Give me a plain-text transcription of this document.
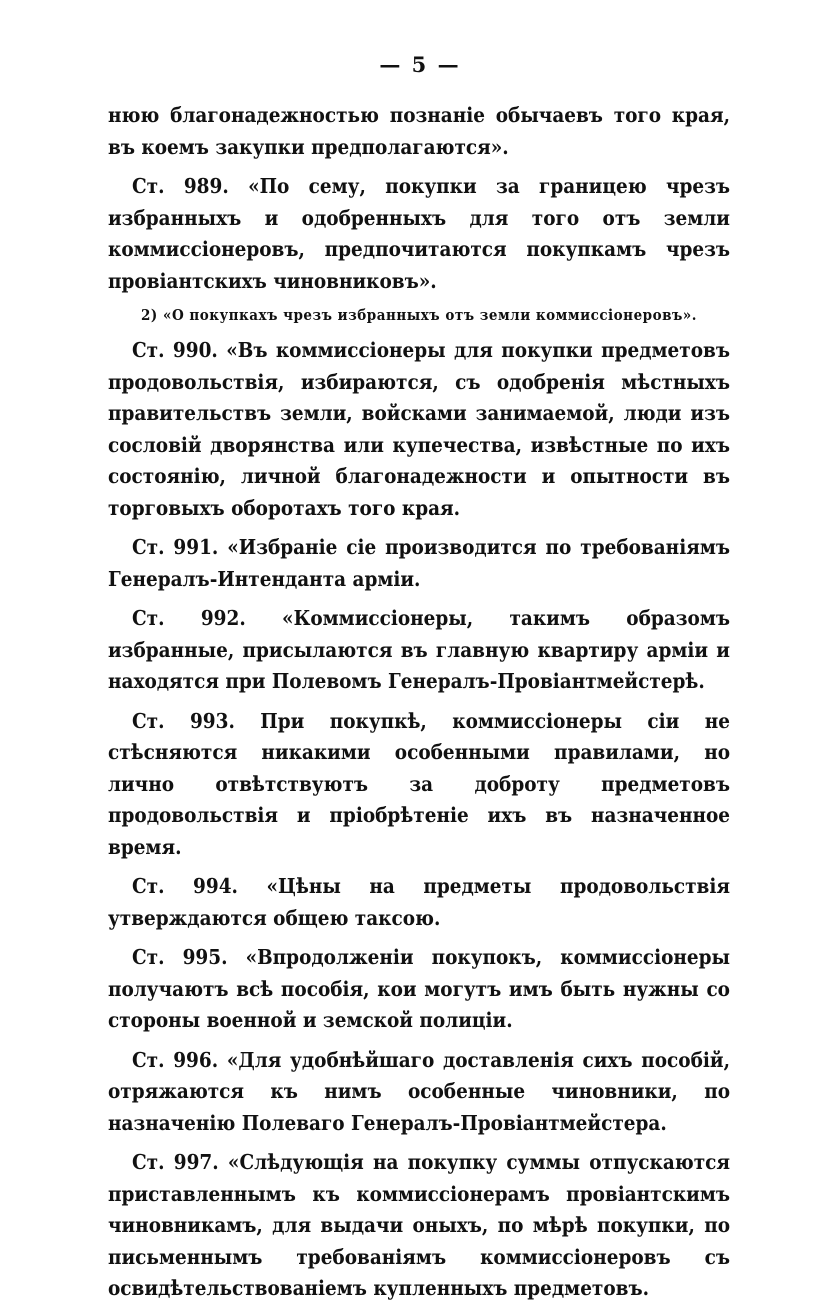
— 5 —

нюю благонадежностью познаніе обычаевъ того края, въ коемъ закупки предполагаются».

Ст. 989. «По сему, покупки за границею чрезъ избранныхъ и одобренныхъ для того отъ земли коммиссіонеровъ, предпочитаются покупкамъ чрезъ провіантскихъ чиновниковъ».

2) «О покупкахъ чрезъ избранныхъ отъ земли коммиссіонеровъ».

Ст. 990. «Въ коммиссіонеры для покупки предметовъ продовольствія, избираются, съ одобренія мѣстныхъ правительствъ земли, войсками занимаемой, люди изъ сословій дворянства или купечества, извѣстные по ихъ состоянію, личной благонадежности и опытности въ торговыхъ оборотахъ того края.

Ст. 991. «Избраніе сіе производится по требованіямъ Генералъ-Интенданта арміи.

Ст. 992. «Коммиссіонеры, такимъ образомъ избранные, присылаются въ главную квартиру арміи и находятся при Полевомъ Генералъ-Провіантмейстерѣ.

Ст. 993. При покупкѣ, коммиссіонеры сіи не стѣсняются никакими особенными правилами, но лично отвѣтствуютъ за доброту предметовъ продовольствія и пріобрѣтеніе ихъ въ назначенное время.

Ст. 994. «Цѣны на предметы продовольствія утверждаются общею таксою.

Ст. 995. «Впродолженіи покупокъ, коммиссіонеры получаютъ всѣ пособія, кои могутъ имъ быть нужны со стороны военной и земской полиціи.

Ст. 996. «Для удобнѣйшаго доставленія сихъ пособій, отряжаются къ нимъ особенные чиновники, по назначенію Полеваго Генералъ-Провіантмейстера.

Ст. 997. «Слѣдующія на покупку суммы отпускаются приставленнымъ къ коммиссіонерамъ провіантскимъ чиновникамъ, для выдачи оныхъ, по мѣрѣ покупки, по письменнымъ требованіямъ коммиссіонеровъ съ освидѣтельствованіемъ купленныхъ предметовъ.
